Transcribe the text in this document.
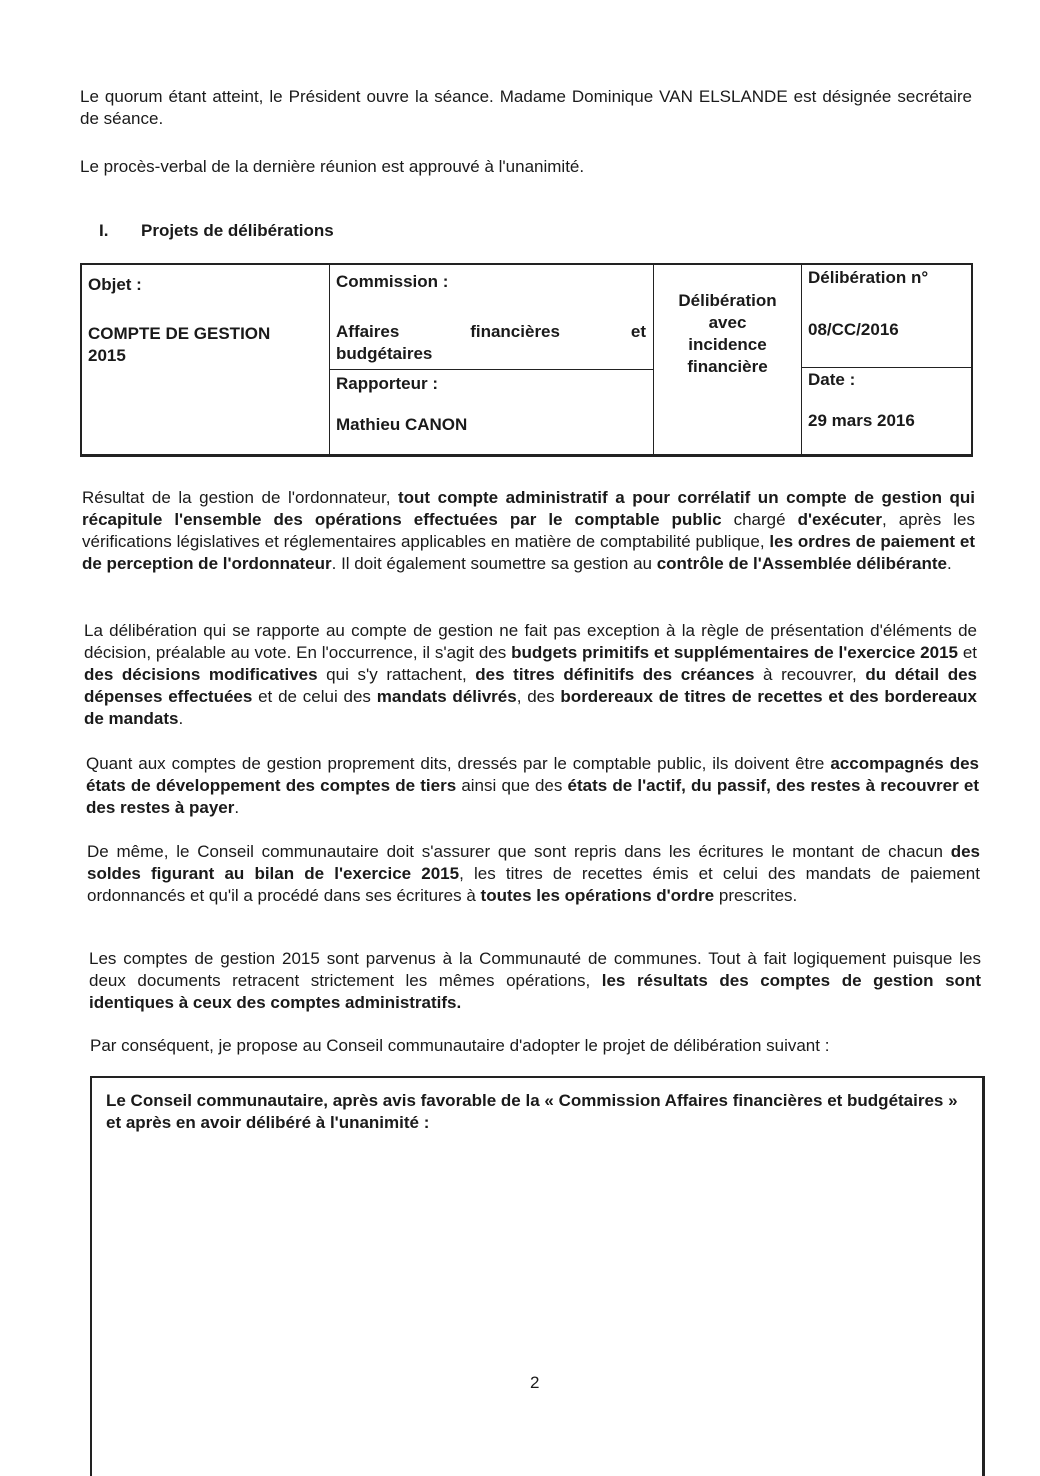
Le quorum étant atteint, le Président ouvre la séance. Madame Dominique VAN ELSLANDE est désignée secrétaire de séance.

Le procès-verbal de la dernière réunion est approuvé à l'unanimité.

I. Projets de délibérations
Objet :
COMPTE DE GESTION
2015
Commission :
Affaires	financières	et
budgétaires
Rapporteur :
Mathieu CANON
Délibération
avec
incidence
financière
Délibération n°
08/CC/2016
Date :
29 mars 2016

Résultat de la gestion de l'ordonnateur, tout compte administratif a pour corrélatif un compte de gestion qui récapitule l'ensemble des opérations effectuées par le comptable public chargé d'exécuter, après les vérifications législatives et réglementaires applicables en matière de comptabilité publique, les ordres de paiement et de perception de l'ordonnateur. Il doit également soumettre sa gestion au contrôle de l'Assemblée délibérante.

La délibération qui se rapporte au compte de gestion ne fait pas exception à la règle de présentation d'éléments de décision, préalable au vote. En l'occurrence, il s'agit des budgets primitifs et supplémentaires de l'exercice 2015 et des décisions modificatives qui s'y rattachent, des titres définitifs des créances à recouvrer, du détail des dépenses effectuées et de celui des mandats délivrés, des bordereaux de titres de recettes et des bordereaux de mandats.

Quant aux comptes de gestion proprement dits, dressés par le comptable public, ils doivent être accompagnés des états de développement des comptes de tiers ainsi que des états de l'actif, du passif, des restes à recouvrer et des restes à payer.

De même, le Conseil communautaire doit s'assurer que sont repris dans les écritures le montant de chacun des soldes figurant au bilan de l'exercice 2015, les titres de recettes émis et celui des mandats de paiement ordonnancés et qu'il a procédé dans ses écritures à toutes les opérations d'ordre prescrites.

Les comptes de gestion 2015 sont parvenus à la Communauté de communes. Tout à fait logiquement puisque les deux documents retracent strictement les mêmes opérations, les résultats des comptes de gestion sont identiques à ceux des comptes administratifs.

Par conséquent, je propose au Conseil communautaire d'adopter le projet de délibération suivant :

Le Conseil communautaire, après avis favorable de la « Commission Affaires financières et budgétaires » et après en avoir délibéré à l'unanimité :
2
